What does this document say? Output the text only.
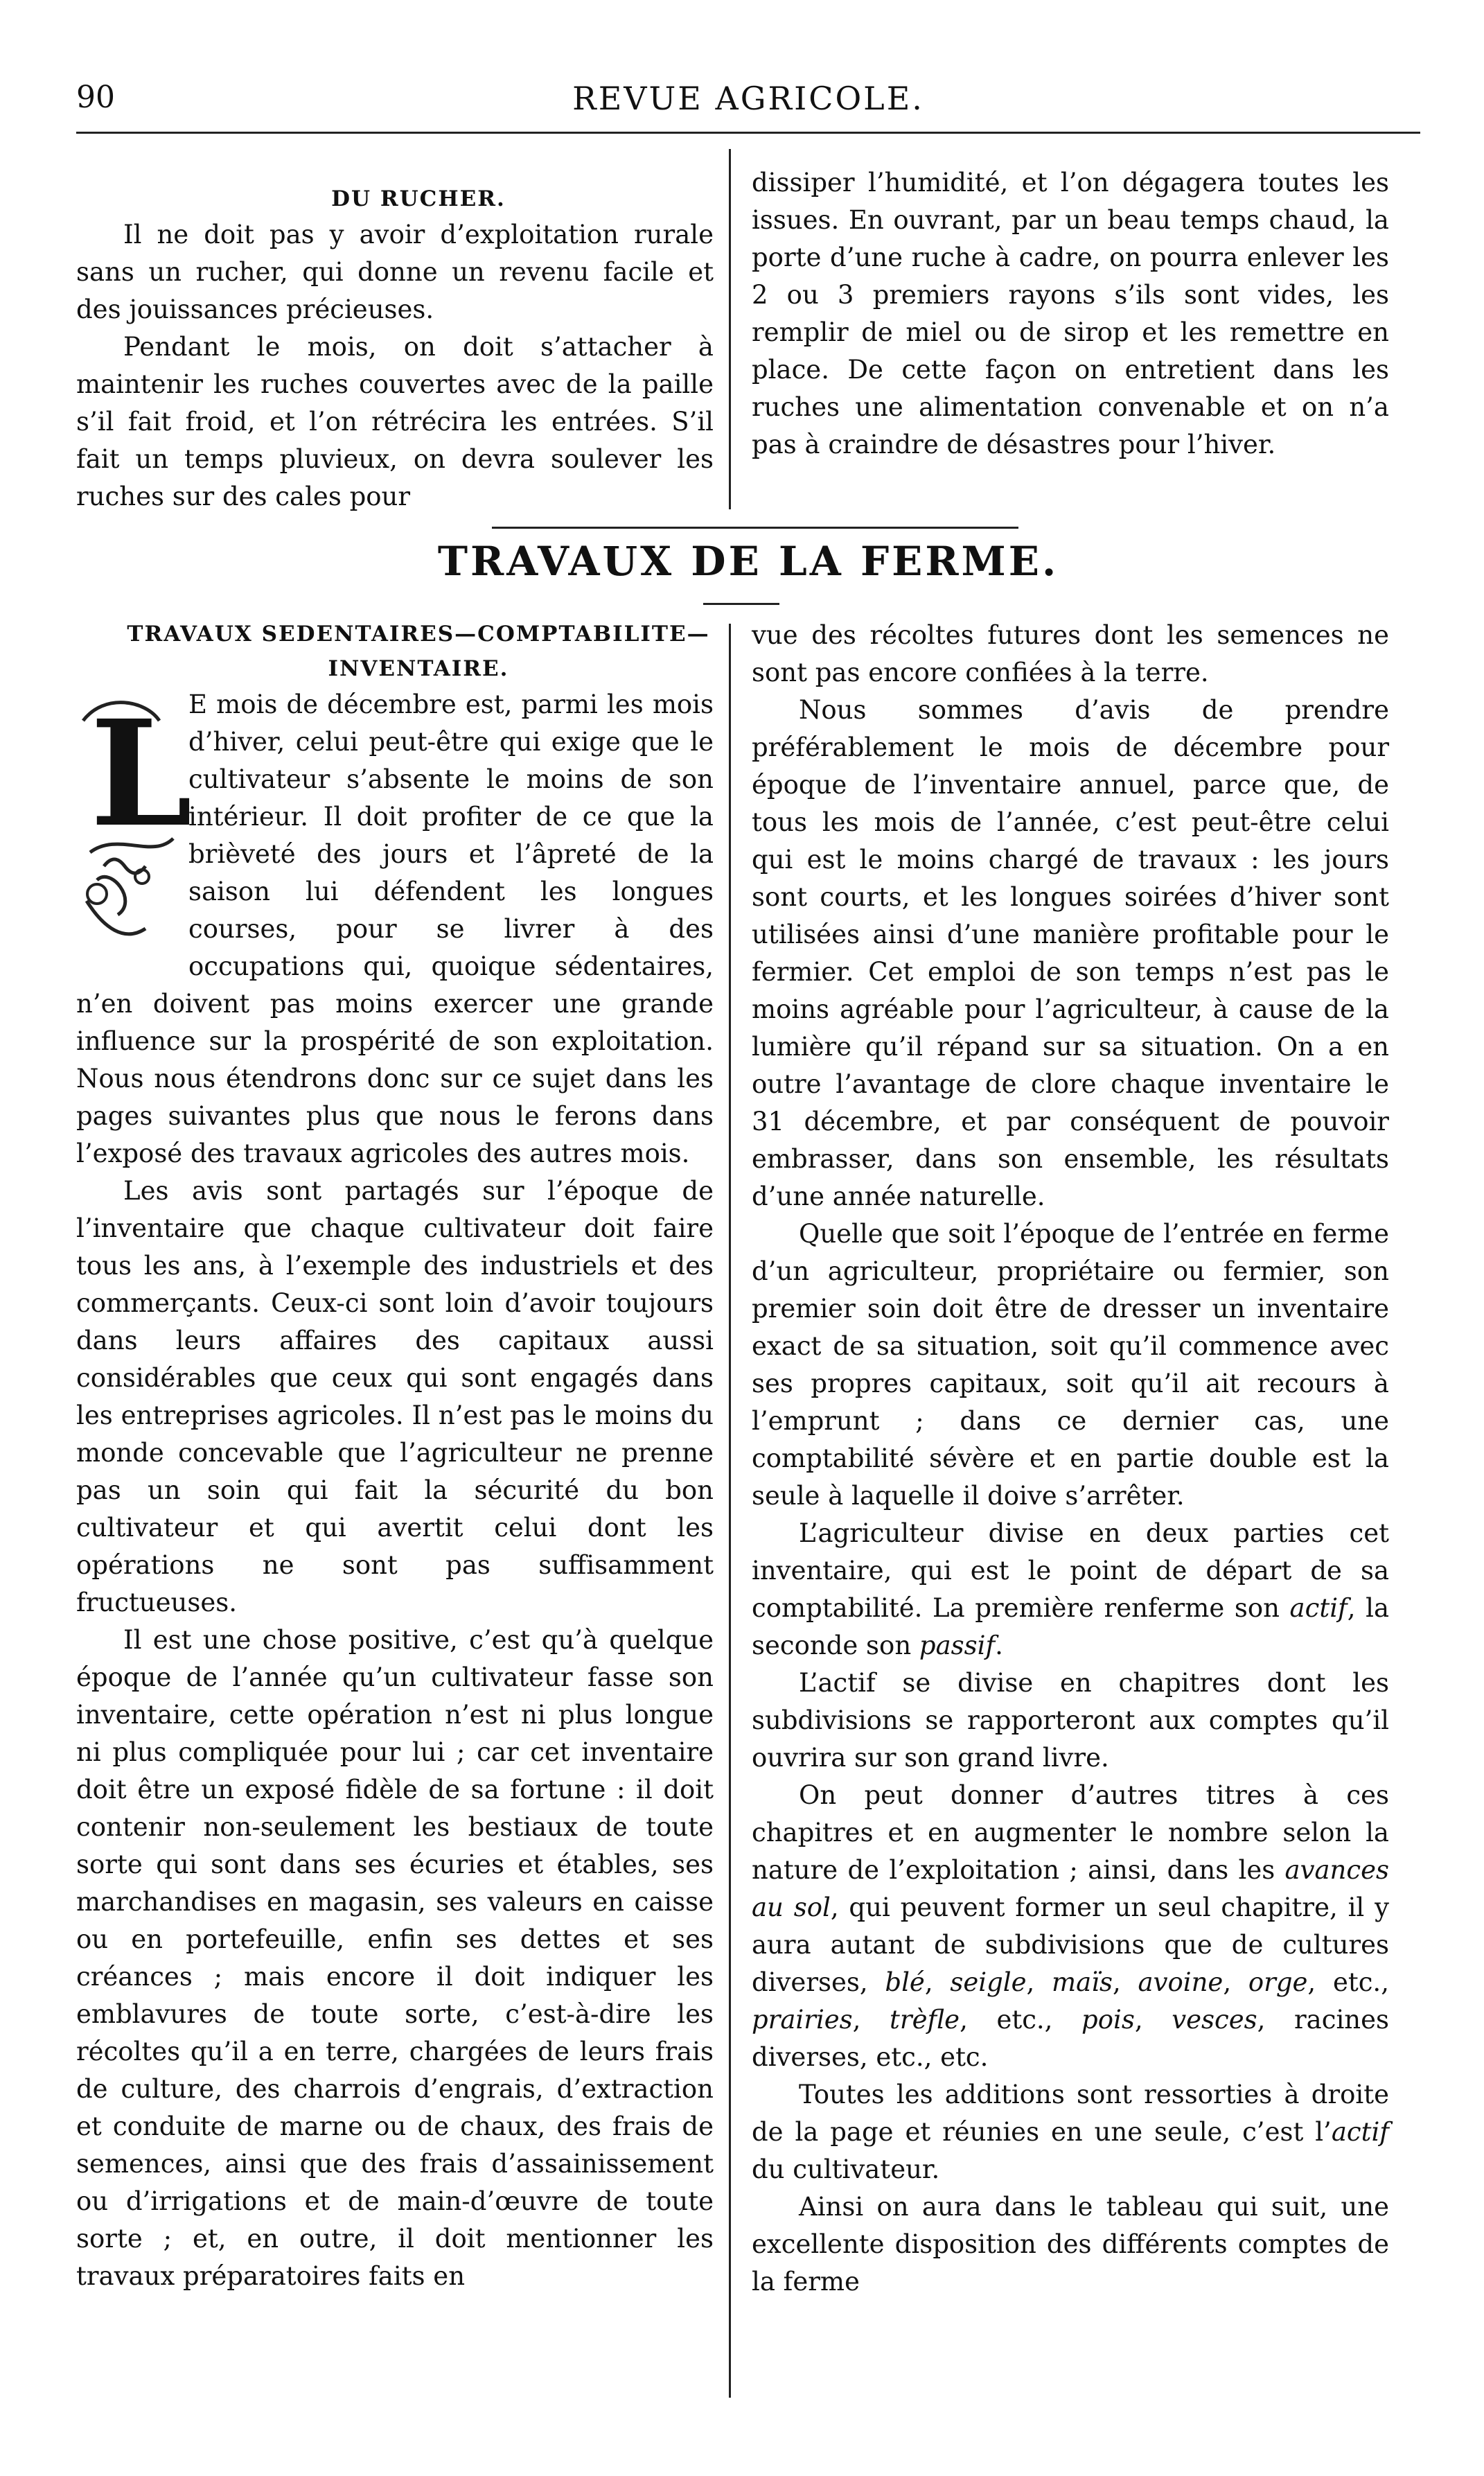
90	REVUE AGRICOLE.

DU RUCHER.

Il ne doit pas y avoir d’exploitation rurale sans un rucher, qui donne un revenu facile et des jouissances précieuses.

Pendant le mois, on doit s’attacher à maintenir les ruches couvertes avec de la paille s’il fait froid, et l’on rétrécira les entrées. S’il fait un temps pluvieux, on devra soulever les ruches sur des cales pour

dissiper l’humidité, et l’on dégagera toutes les issues. En ouvrant, par un beau temps chaud, la porte d’une ruche à cadre, on pourra enlever les 2 ou 3 premiers rayons s’ils sont vides, les remplir de miel ou de sirop et les remettre en place. De cette façon on entretient dans les ruches une alimentation convenable et on n’a pas à craindre de désastres pour l’hiver.

TRAVAUX DE LA FERME.

TRAVAUX SEDENTAIRES—COMPTABILITE—

INVENTAIRE.

L

E mois de décembre est, parmi les mois d’hiver, celui peut-être qui exige que le cultivateur s’absente le moins de son intérieur. Il doit profiter de ce que la brièveté des jours et l’âpreté de la saison lui défendent les longues courses, pour se livrer à des occupations qui, quoique sédentaires, n’en doivent pas moins exercer une grande influence sur la prospérité de son exploitation. Nous nous étendrons donc sur ce sujet dans les pages suivantes plus que nous le ferons dans l’exposé des travaux agricoles des autres mois.

Les avis sont partagés sur l’époque de l’inventaire que chaque cultivateur doit faire tous les ans, à l’exemple des industriels et des commerçants. Ceux-ci sont loin d’avoir toujours dans leurs affaires des capitaux aussi considérables que ceux qui sont engagés dans les entreprises agricoles. Il n’est pas le moins du monde concevable que l’agriculteur ne prenne pas un soin qui fait la sécurité du bon cultivateur et qui avertit celui dont les opérations ne sont pas suffisamment fructueuses.

Il est une chose positive, c’est qu’à quelque époque de l’année qu’un cultivateur fasse son inventaire, cette opération n’est ni plus longue ni plus compliquée pour lui ; car cet inventaire doit être un exposé fidèle de sa fortune : il doit contenir non-seulement les bestiaux de toute sorte qui sont dans ses écuries et étables, ses marchandises en magasin, ses valeurs en caisse ou en portefeuille, enfin ses dettes et ses créances ; mais encore il doit indiquer les emblavures de toute sorte, c’est-à-dire les récoltes qu’il a en terre, chargées de leurs frais de culture, des charrois d’engrais, d’extraction et conduite de marne ou de chaux, des frais de semences, ainsi que des frais d’assainissement ou d’irrigations et de main-d’œuvre de toute sorte ; et, en outre, il doit mentionner les travaux préparatoires faits en

vue des récoltes futures dont les semences ne sont pas encore confiées à la terre.

Nous sommes d’avis de prendre préférablement le mois de décembre pour époque de l’inventaire annuel, parce que, de tous les mois de l’année, c’est peut-être celui qui est le moins chargé de travaux : les jours sont courts, et les longues soirées d’hiver sont utilisées ainsi d’une manière profitable pour le fermier. Cet emploi de son temps n’est pas le moins agréable pour l’agriculteur, à cause de la lumière qu’il répand sur sa situation. On a en outre l’avantage de clore chaque inventaire le 31 décembre, et par conséquent de pouvoir embrasser, dans son ensemble, les résultats d’une année naturelle.

Quelle que soit l’époque de l’entrée en ferme d’un agriculteur, propriétaire ou fermier, son premier soin doit être de dresser un inventaire exact de sa situation, soit qu’il commence avec ses propres capitaux, soit qu’il ait recours à l’emprunt ; dans ce dernier cas, une comptabilité sévère et en partie double est la seule à laquelle il doive s’arrêter.

L’agriculteur divise en deux parties cet inventaire, qui est le point de départ de sa comptabilité. La première renferme son actif, la seconde son passif.

L’actif se divise en chapitres dont les subdivisions se rapporteront aux comptes qu’il ouvrira sur son grand livre.

On peut donner d’autres titres à ces chapitres et en augmenter le nombre selon la nature de l’exploitation ; ainsi, dans les avances au sol, qui peuvent former un seul chapitre, il y aura autant de subdivisions que de cultures diverses, blé, seigle, maïs, avoine, orge, etc., prairies, trèfle, etc., pois, vesces, racines diverses, etc., etc.

Toutes les additions sont ressorties à droite de la page et réunies en une seule, c’est l’actif du cultivateur.

Ainsi on aura dans le tableau qui suit, une excellente disposition des différents comptes de la ferme
